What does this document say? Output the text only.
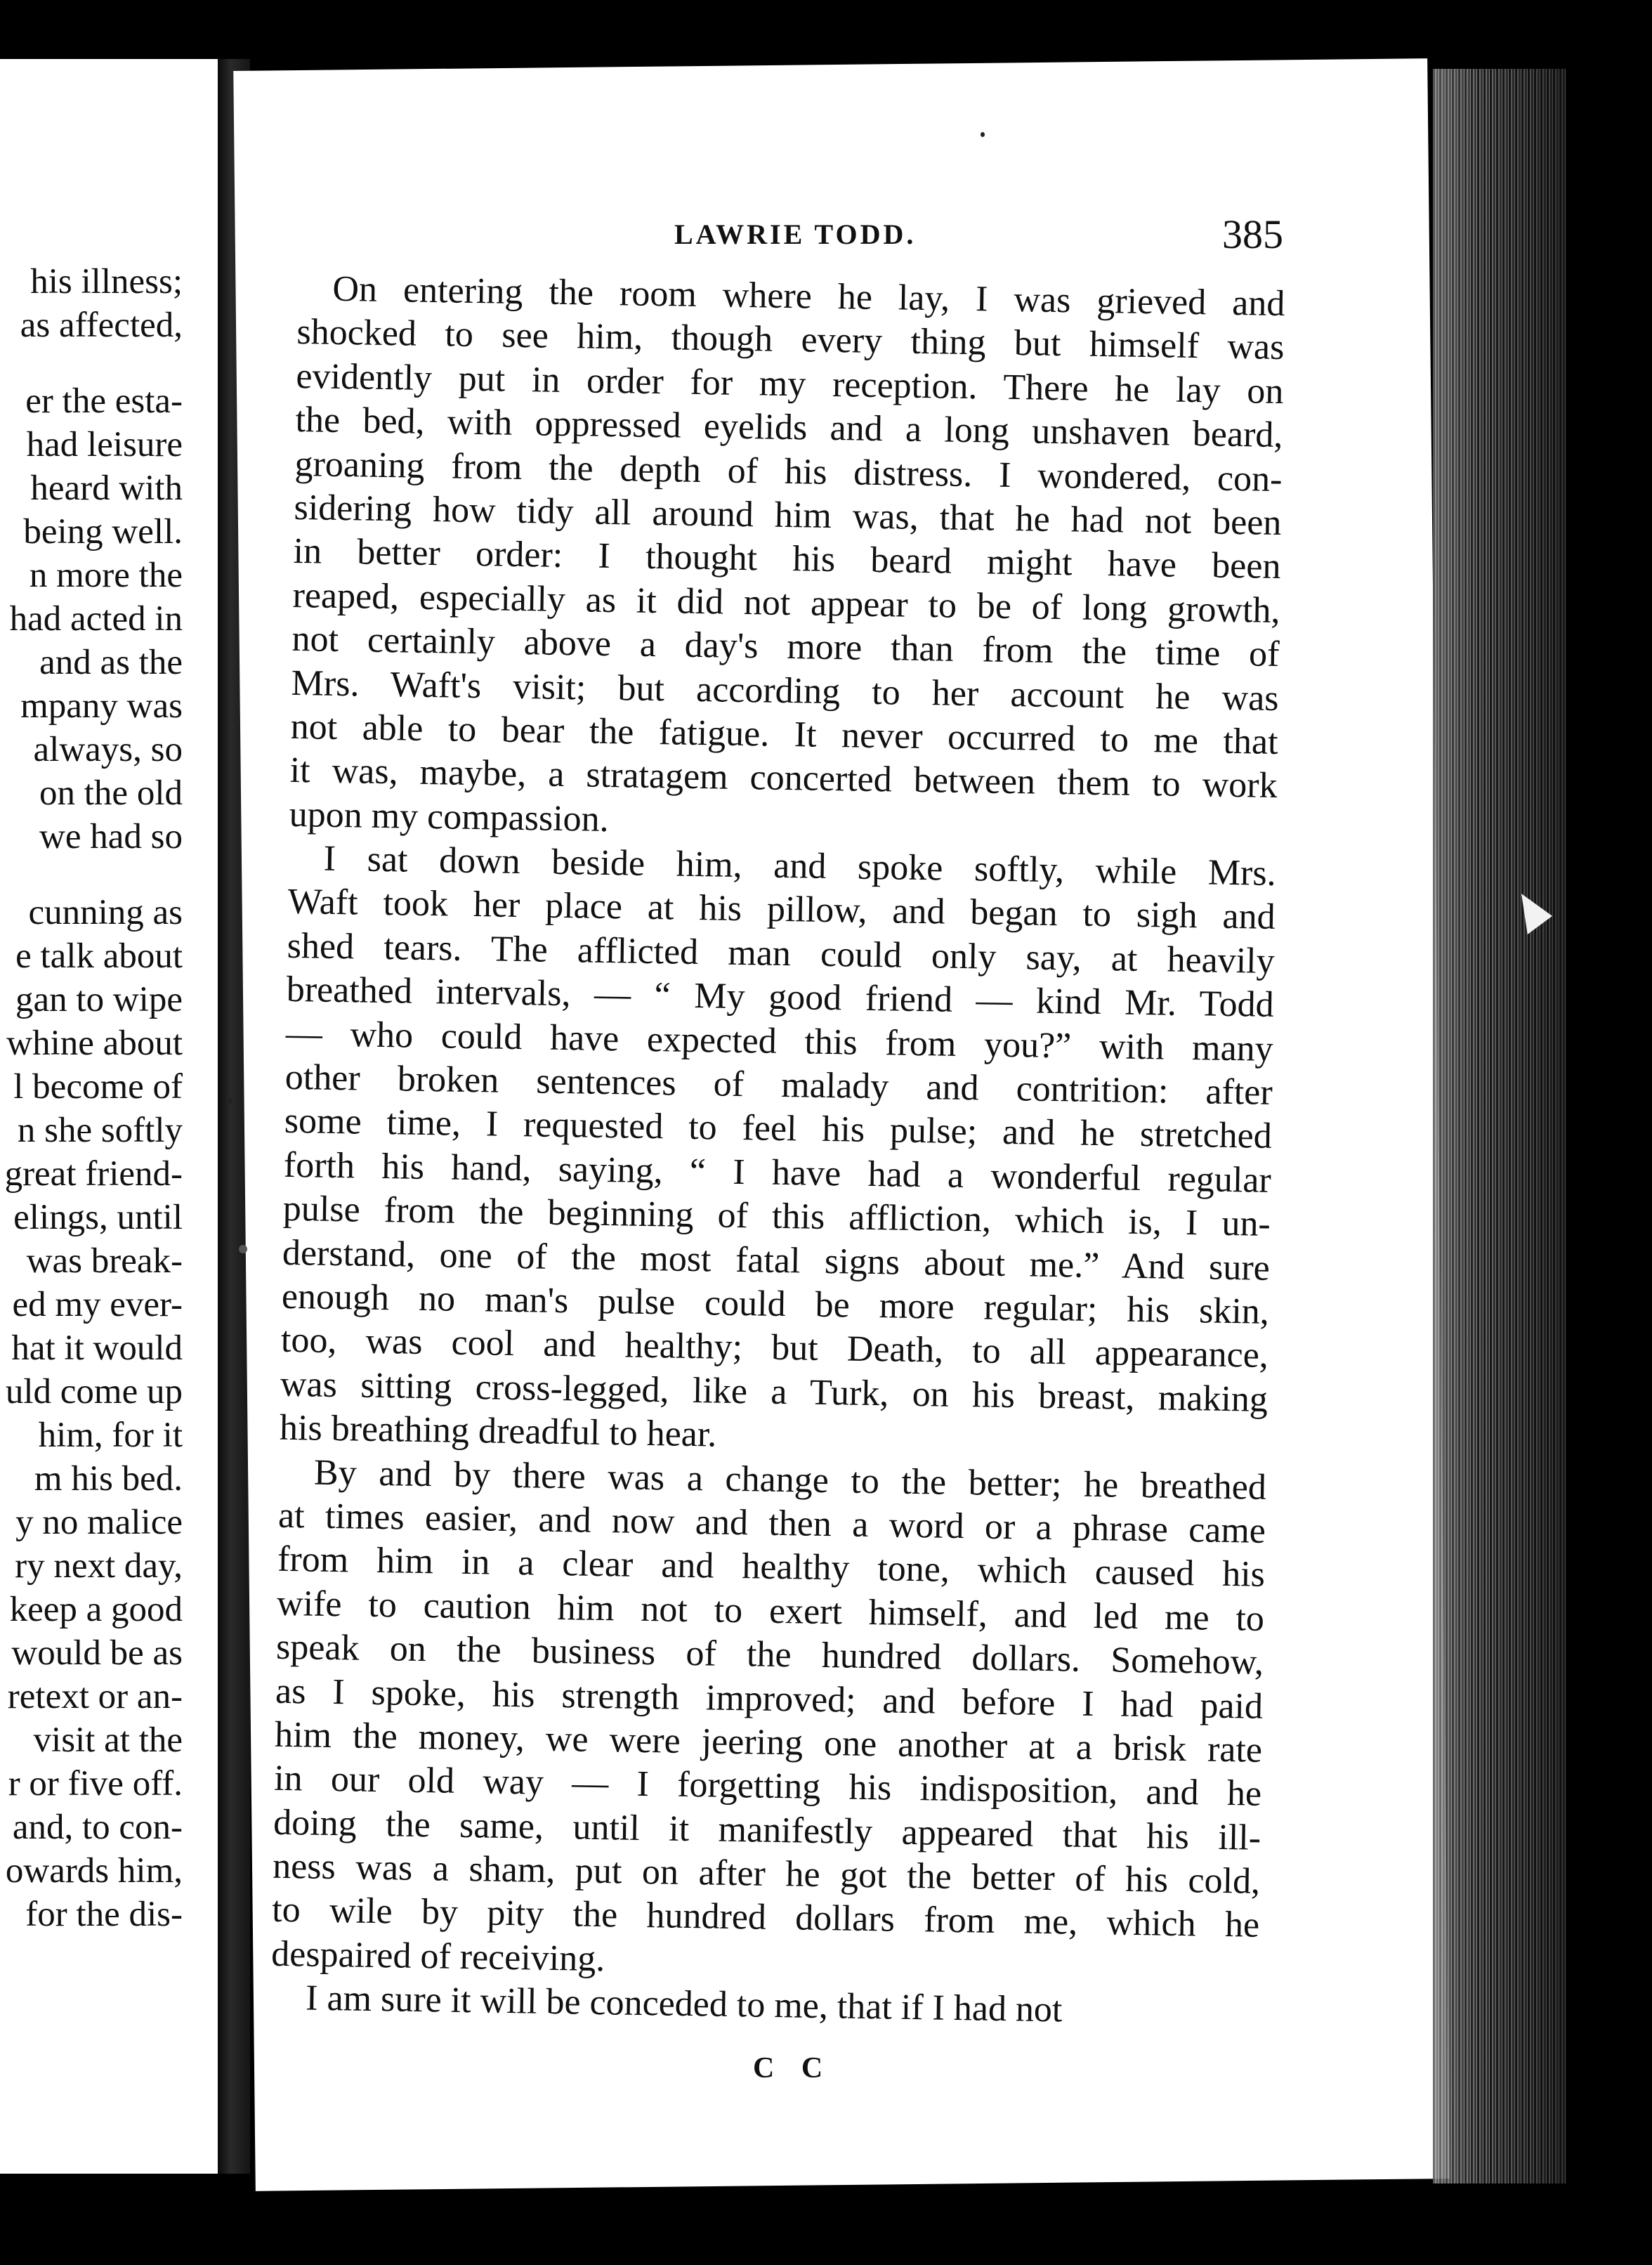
his illness;
as affected,
er the esta-
had leisure
heard with
being well.
n more the
had acted in
and as the
mpany was
always, so
on the old
we had so
cunning as
e talk about
gan to wipe
whine about
l become of
n she softly
great friend-
elings, until
was break-
ed my ever-
hat it would
uld come up
him, for it
m his bed.
y no malice
ry next day,
keep a good
would be as
retext or an-
visit at the
r or five off.
and, to con-
owards him,
for the dis-
LAWRIE TODD.	385
On entering the room where he lay, I was grieved and
shocked to see him, though every thing but himself was
evidently put in order for my reception. There he lay on
the bed, with oppressed eyelids and a long unshaven beard,
groaning from the depth of his distress. I wondered, con-
sidering how tidy all around him was, that he had not been
in better order: I thought his beard might have been
reaped, especially as it did not appear to be of long growth,
not certainly above a day's more than from the time of
Mrs. Waft's visit; but according to her account he was
not able to bear the fatigue. It never occurred to me that
it was, maybe, a stratagem concerted between them to work
upon my compassion.
I sat down beside him, and spoke softly, while Mrs.
Waft took her place at his pillow, and began to sigh and
shed tears. The afflicted man could only say, at heavily
breathed intervals, — “ My good friend — kind Mr. Todd
— who could have expected this from you?” with many
other broken sentences of malady and contrition: after
some time, I requested to feel his pulse; and he stretched
forth his hand, saying, “ I have had a wonderful regular
pulse from the beginning of this affliction, which is, I un-
derstand, one of the most fatal signs about me.” And sure
enough no man's pulse could be more regular; his skin,
too, was cool and healthy; but Death, to all appearance,
was sitting cross-legged, like a Turk, on his breast, making
his breathing dreadful to hear.
By and by there was a change to the better; he breathed
at times easier, and now and then a word or a phrase came
from him in a clear and healthy tone, which caused his
wife to caution him not to exert himself, and led me to
speak on the business of the hundred dollars. Somehow,
as I spoke, his strength improved; and before I had paid
him the money, we were jeering one another at a brisk rate
in our old way — I forgetting his indisposition, and he
doing the same, until it manifestly appeared that his ill-
ness was a sham, put on after he got the better of his cold,
to wile by pity the hundred dollars from me, which he
despaired of receiving.
I am sure it will be conceded to me, that if I had not
C C
